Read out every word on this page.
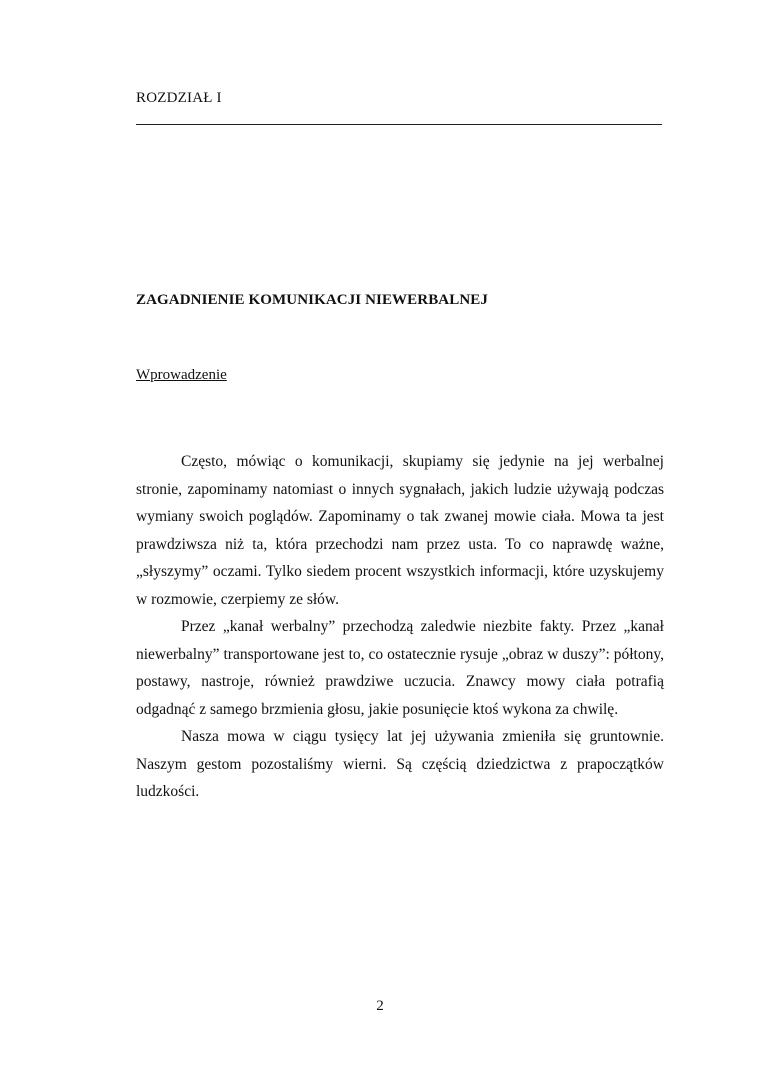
ROZDZIAŁ I
ZAGADNIENIE KOMUNIKACJI NIEWERBALNEJ
Wprowadzenie

Często, mówiąc o komunikacji, skupiamy się jedynie na jej werbalnej stronie, zapominamy natomiast o innych sygnałach, jakich ludzie używają podczas wymiany swoich poglądów. Zapominamy o tak zwanej mowie ciała. Mowa ta jest prawdziwsza niż ta, która przechodzi nam przez usta. To co naprawdę ważne, „słyszymy” oczami. Tylko siedem procent wszystkich informacji, które uzyskujemy w rozmowie, czerpiemy ze słów.

Przez „kanał werbalny” przechodzą zaledwie niezbite fakty. Przez „kanał niewerbalny” transportowane jest to, co ostatecznie rysuje „obraz w duszy”: półtony, postawy, nastroje, również prawdziwe uczucia. Znawcy mowy ciała potrafią odgadnąć z samego brzmienia głosu, jakie posunięcie ktoś wykona za chwilę.

Nasza mowa w ciągu tysięcy lat jej używania zmieniła się gruntownie. Naszym gestom pozostaliśmy wierni. Są częścią dziedzictwa z prapoczątków ludzkości.

2
